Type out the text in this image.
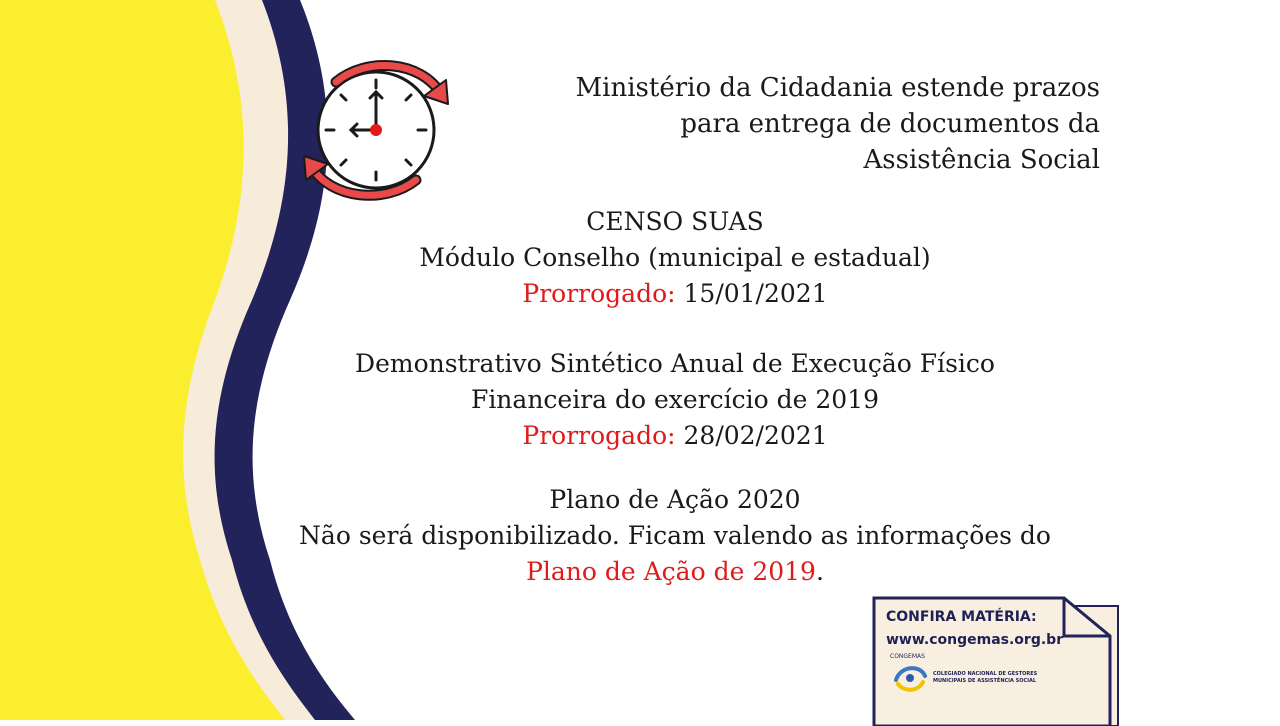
Ministério da Cidadania estende prazos
para entrega de documentos da
Assistência Social
CENSO SUAS
Módulo Conselho (municipal e estadual)
Prorrogado: 15/01/2021
Demonstrativo Sintético Anual de Execução Físico
Financeira do exercício de 2019
Prorrogado: 28/02/2021
Plano de Ação 2020
Não será disponibilizado. Ficam valendo as informações do
Plano de Ação de 2019.
CONFIRA MATÉRIA:
www.congemas.org.br
CONGEMAS
COLEGIADO NACIONAL DE GESTORES
MUNICIPAIS DE ASSISTÊNCIA SOCIAL
